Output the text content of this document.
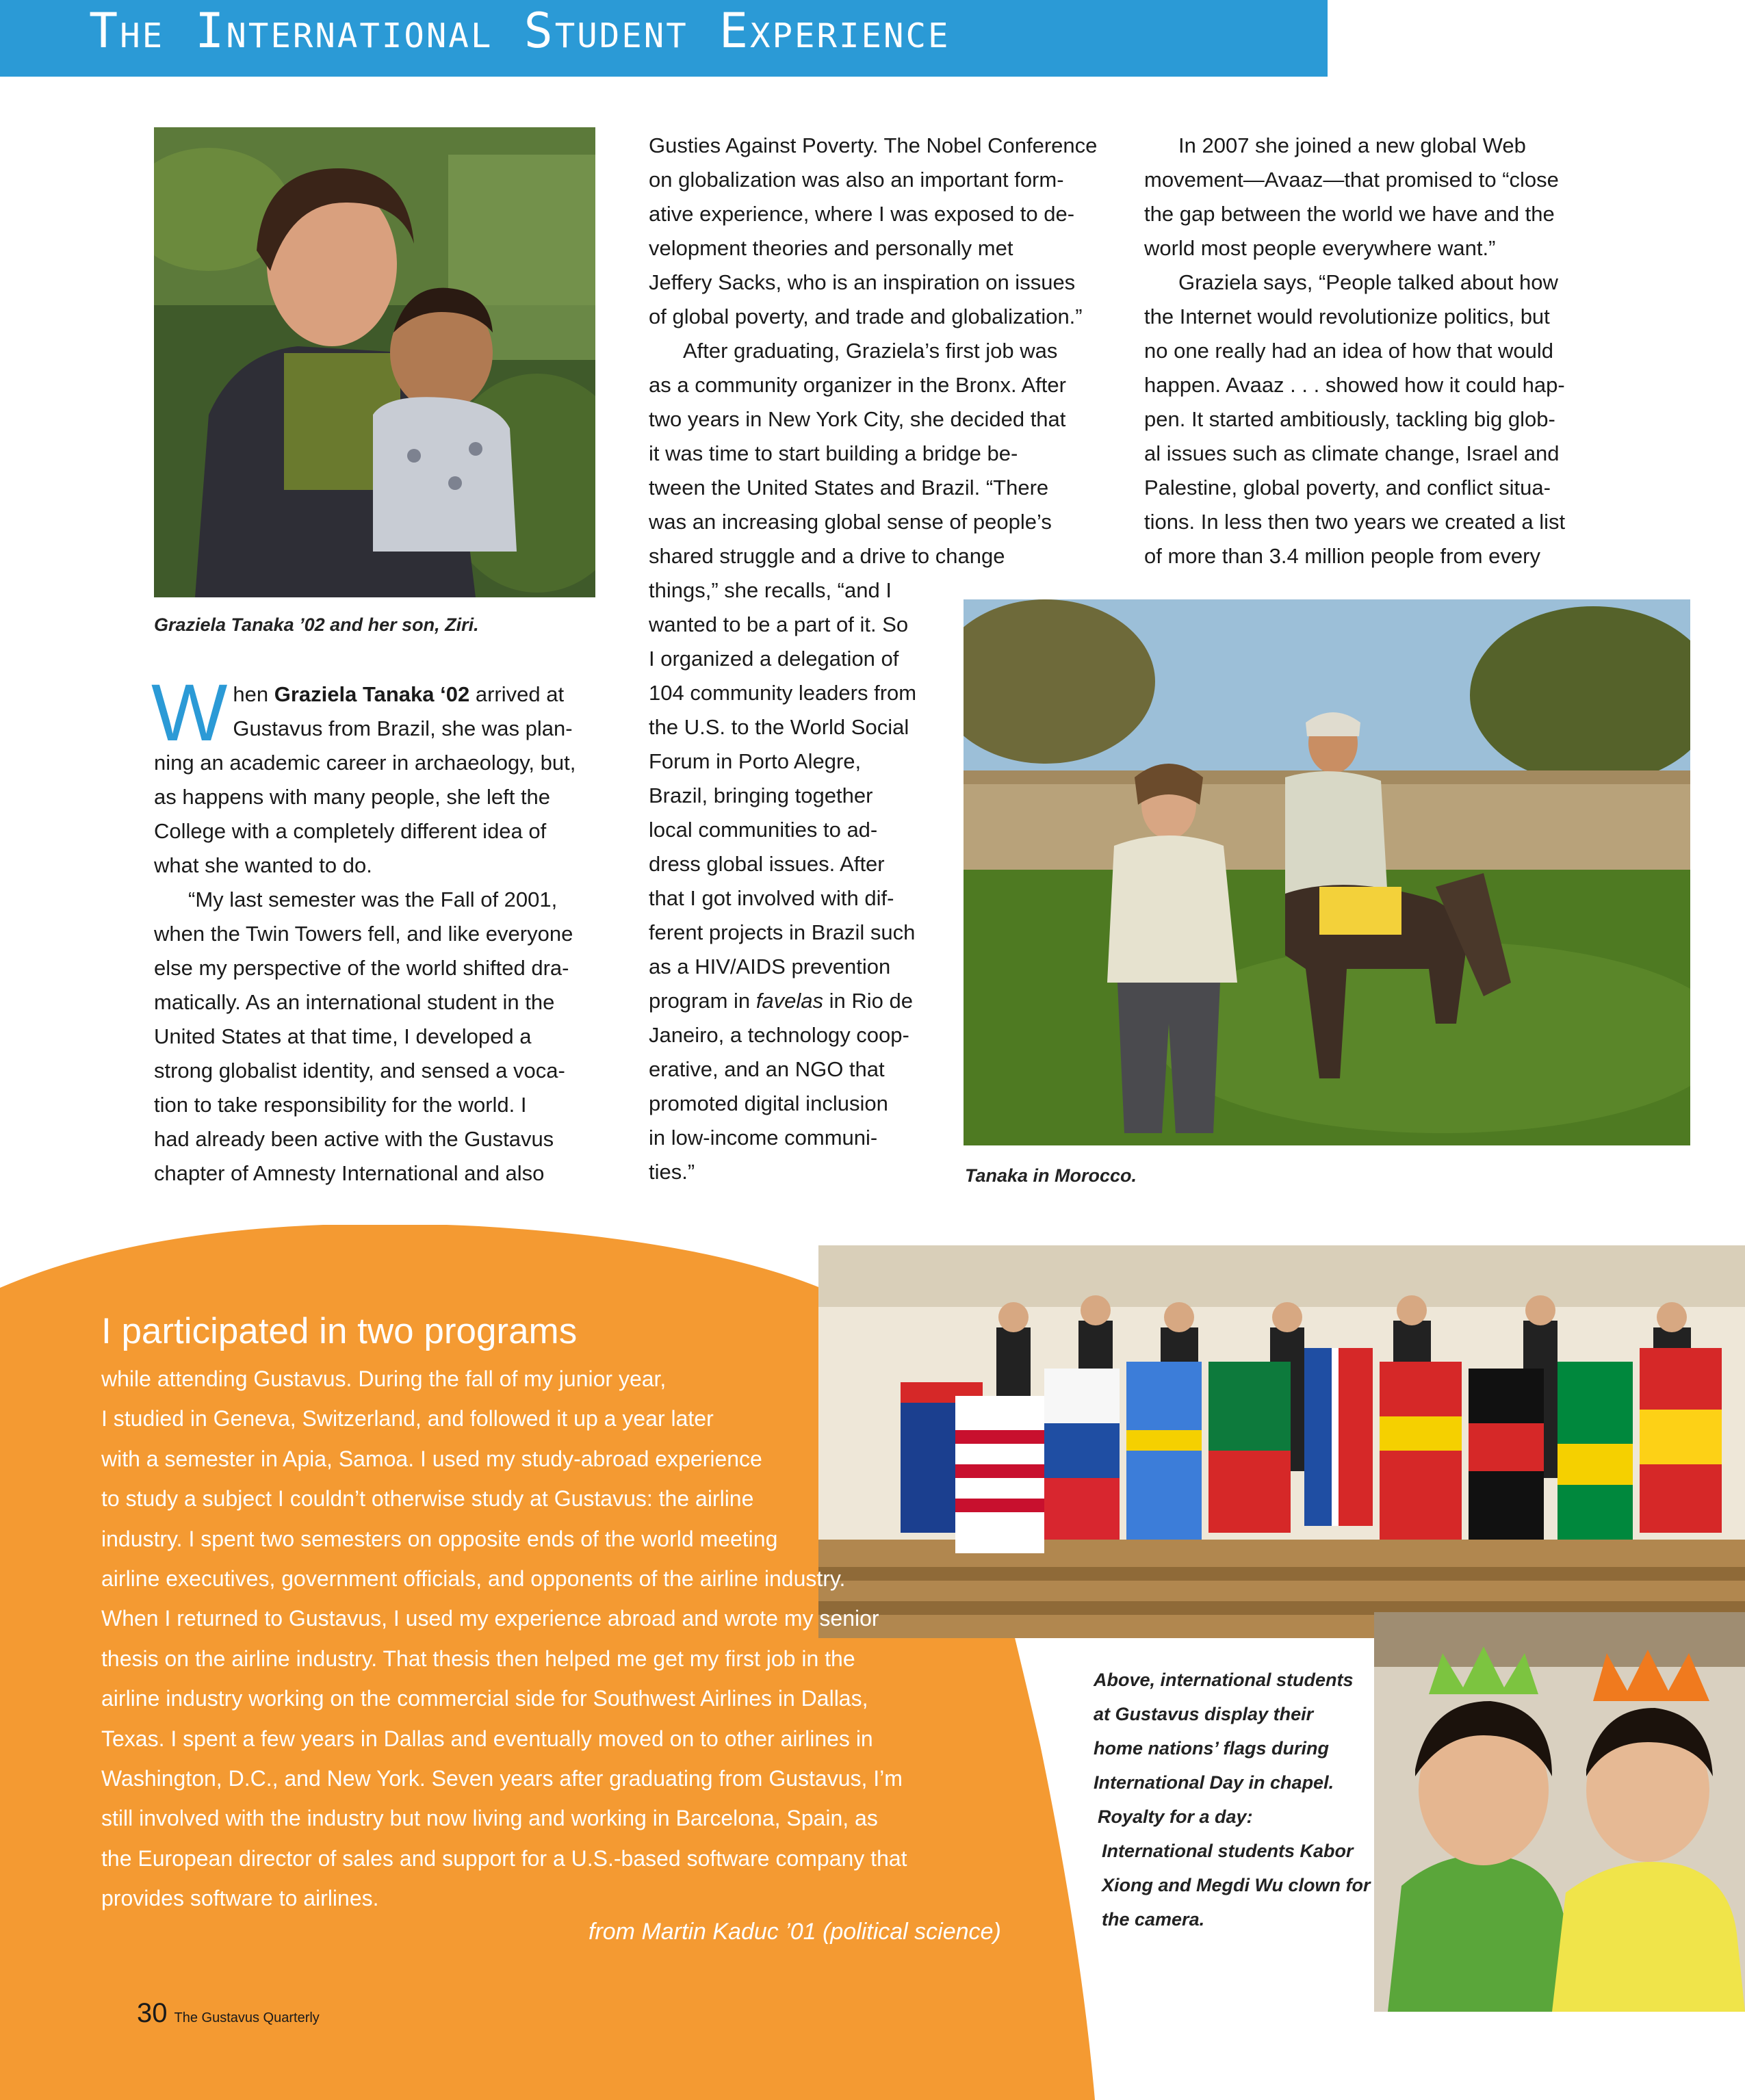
The International Student Experience
Graziela Tanaka ’02 and her son, Ziri.

W hen Graziela Tanaka ‘02 arrived at
Gustavus from Brazil, she was plan-
ning an academic career in archaeology, but,
as happens with many people, she left the
College with a completely different idea of
what she wanted to do.

“My last semester was the Fall of 2001,
when the Twin Towers fell, and like everyone
else my perspective of the world shifted dra-
matically. As an international student in the
United States at that time, I developed a
strong globalist identity, and sensed a voca-
tion to take responsibility for the world. I
had already been active with the Gustavus
chapter of Amnesty International and also

Gusties Against Poverty. The Nobel Conference
on globalization was also an important form-
ative experience, where I was exposed to de-
velopment theories and personally met
Jeffery Sacks, who is an inspiration on issues
of global poverty, and trade and globalization.”

After graduating, Graziela’s first job was
as a community organizer in the Bronx. After
two years in New York City, she decided that
it was time to start building a bridge be-
tween the United States and Brazil. “There
was an increasing global sense of people’s
shared struggle and a drive to change
things,” she recalls, “and I
wanted to be a part of it. So
I organized a delegation of
104 community leaders from
the U.S. to the World Social
Forum in Porto Alegre,
Brazil, bringing together
local communities to ad-
dress global issues. After
that I got involved with dif-
ferent projects in Brazil such
as a HIV/AIDS prevention
program in favelas in Rio de
Janeiro, a technology coop-
erative, and an NGO that
promoted digital inclusion
in low-income communi-
ties.”

In 2007 she joined a new global Web
movement—Avaaz—that promised to “close
the gap between the world we have and the
world most people everywhere want.”

Graziela says, “People talked about how
the Internet would revolutionize politics, but
no one really had an idea of how that would
happen. Avaaz . . . showed how it could hap-
pen. It started ambitiously, tackling big glob-
al issues such as climate change, Israel and
Palestine, global poverty, and conflict situa-
tions. In less then two years we created a list
of more than 3.4 million people from every

Tanaka in Morocco.
Above, international students
at Gustavus display their
home nations’ flags during
International Day in chapel.
Royalty for a day:
International students Kabor
Xiong and Megdi Wu clown for
the camera.
I participated in two programs
while attending Gustavus. During the fall of my junior year,
I studied in Geneva, Switzerland, and followed it up a year later
with a semester in Apia, Samoa. I used my study-abroad experience
to study a subject I couldn’t otherwise study at Gustavus: the airline
industry. I spent two semesters on opposite ends of the world meeting
airline executives, government officials, and opponents of the airline industry.
When I returned to Gustavus, I used my experience abroad and wrote my senior
thesis on the airline industry. That thesis then helped me get my first job in the
airline industry working on the commercial side for Southwest Airlines in Dallas,
Texas. I spent a few years in Dallas and eventually moved on to other airlines in
Washington, D.C., and New York. Seven years after graduating from Gustavus, I’m
still involved with the industry but now living and working in Barcelona, Spain, as
the European director of sales and support for a U.S.-based software company that
provides software to airlines.
from Martin Kaduc ’01 (political science)
30 The Gustavus Quarterly
